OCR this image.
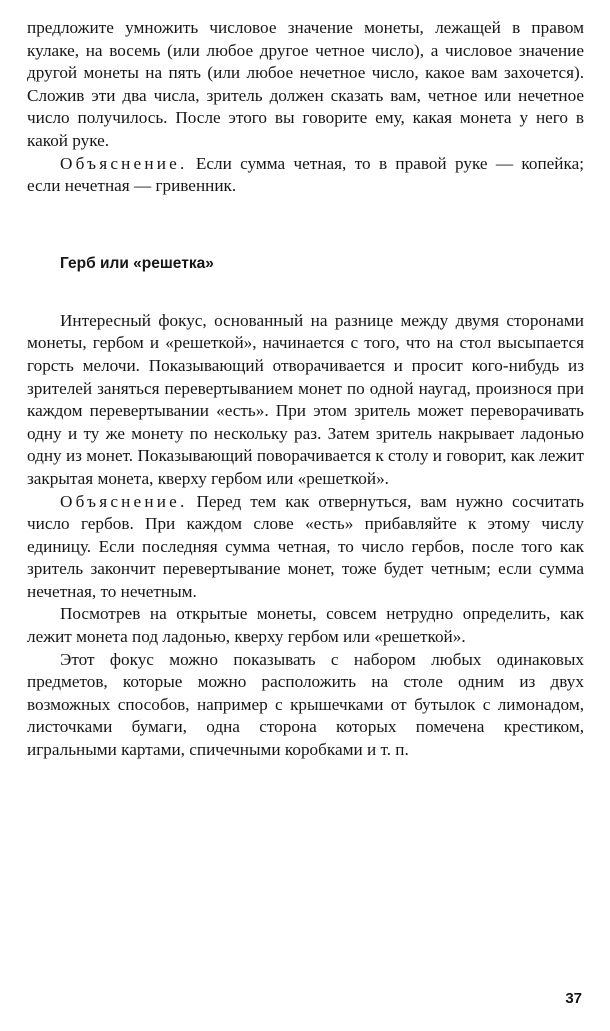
предложите умножить числовое значение монеты, лежащей в правом кулаке, на восемь (или любое другое четное число), а числовое значение другой монеты на пять (или любое нечетное число, какое вам захочется). Сложив эти два числа, зритель должен сказать вам, четное или нечетное число получилось. После этого вы говорите ему, какая монета у него в какой руке.

Объяснение. Если сумма четная, то в правой руке — копейка; если нечетная — гривенник.

Герб или «решетка»

Интересный фокус, основанный на разнице между двумя сторонами монеты, гербом и «решеткой», начинается с того, что на стол высыпается горсть мелочи. Показывающий отворачивается и просит кого-нибудь из зрителей заняться перевертыванием монет по одной наугад, произнося при каждом перевертывании «есть». При этом зритель может переворачивать одну и ту же монету по нескольку раз. Затем зритель накрывает ладонью одну из монет. Показывающий поворачивается к столу и говорит, как лежит закрытая монета, кверху гербом или «решеткой».

Объяснение. Перед тем как отвернуться, вам нужно сосчитать число гербов. При каждом слове «есть» прибавляйте к этому числу единицу. Если последняя сумма четная, то число гербов, после того как зритель закончит перевертывание монет, тоже будет четным; если сумма нечетная, то нечетным.

Посмотрев на открытые монеты, совсем нетрудно определить, как лежит монета под ладонью, кверху гербом или «решеткой».

Этот фокус можно показывать с набором любых одинаковых предметов, которые можно расположить на столе одним из двух возможных способов, например с крышечками от бутылок с лимонадом, листочками бумаги, одна сторона которых помечена крестиком, игральными картами, спичечными коробками и т. п.

37
